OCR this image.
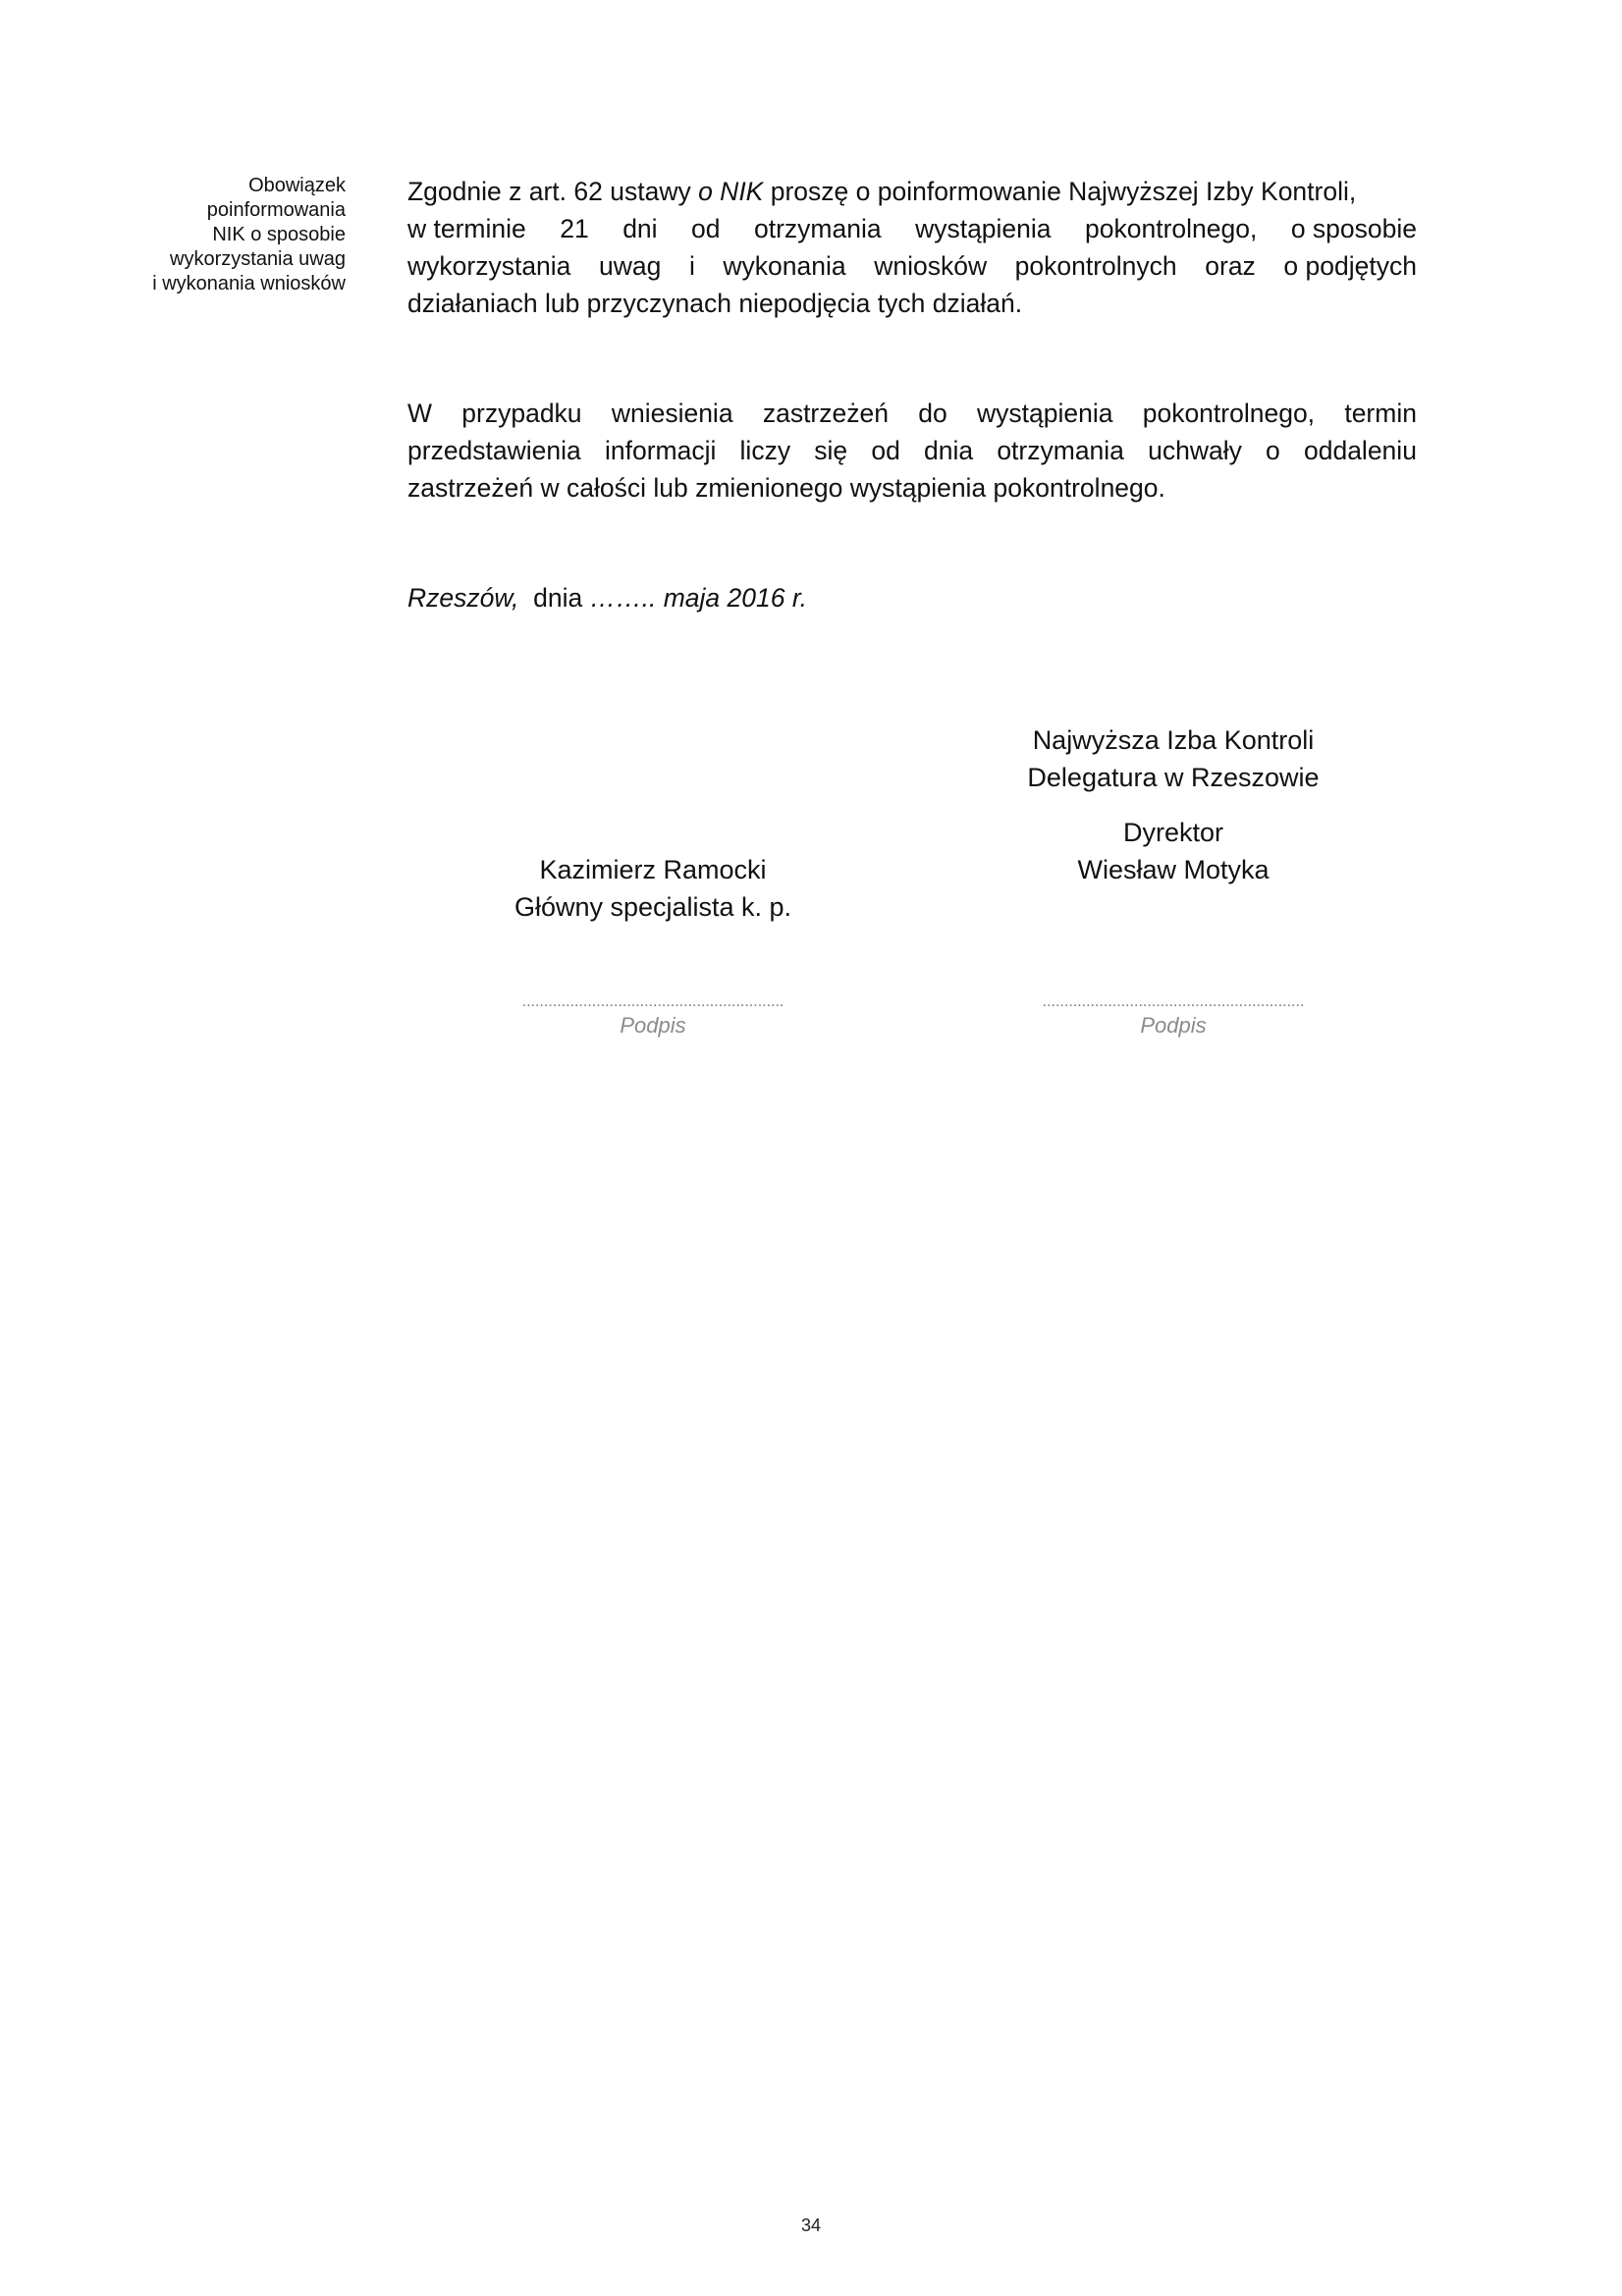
Obowiązek
poinformowania
NIK o sposobie
wykorzystania uwag
i wykonania wniosków
Zgodnie z art. 62 ustawy o NIK proszę o poinformowanie Najwyższej Izby Kontroli,
w terminie 21 dni od otrzymania wystąpienia pokontrolnego, o sposobie
wykorzystania uwag i wykonania wniosków pokontrolnych oraz o podjętych
działaniach lub przyczynach niepodjęcia tych działań.
W przypadku wniesienia zastrzeżeń do wystąpienia pokontrolnego, termin
przedstawienia informacji liczy się od dnia otrzymania uchwały o oddaleniu
zastrzeżeń w całości lub zmienionego wystąpienia pokontrolnego.
Rzeszów,  dnia …….. maja 2016 r.
Najwyższa Izba Kontroli
Delegatura w Rzeszowie
Dyrektor
Wiesław Motyka
Kazimierz Ramocki
Główny specjalista k. p.
............................................................
Podpis
............................................................
Podpis
34
